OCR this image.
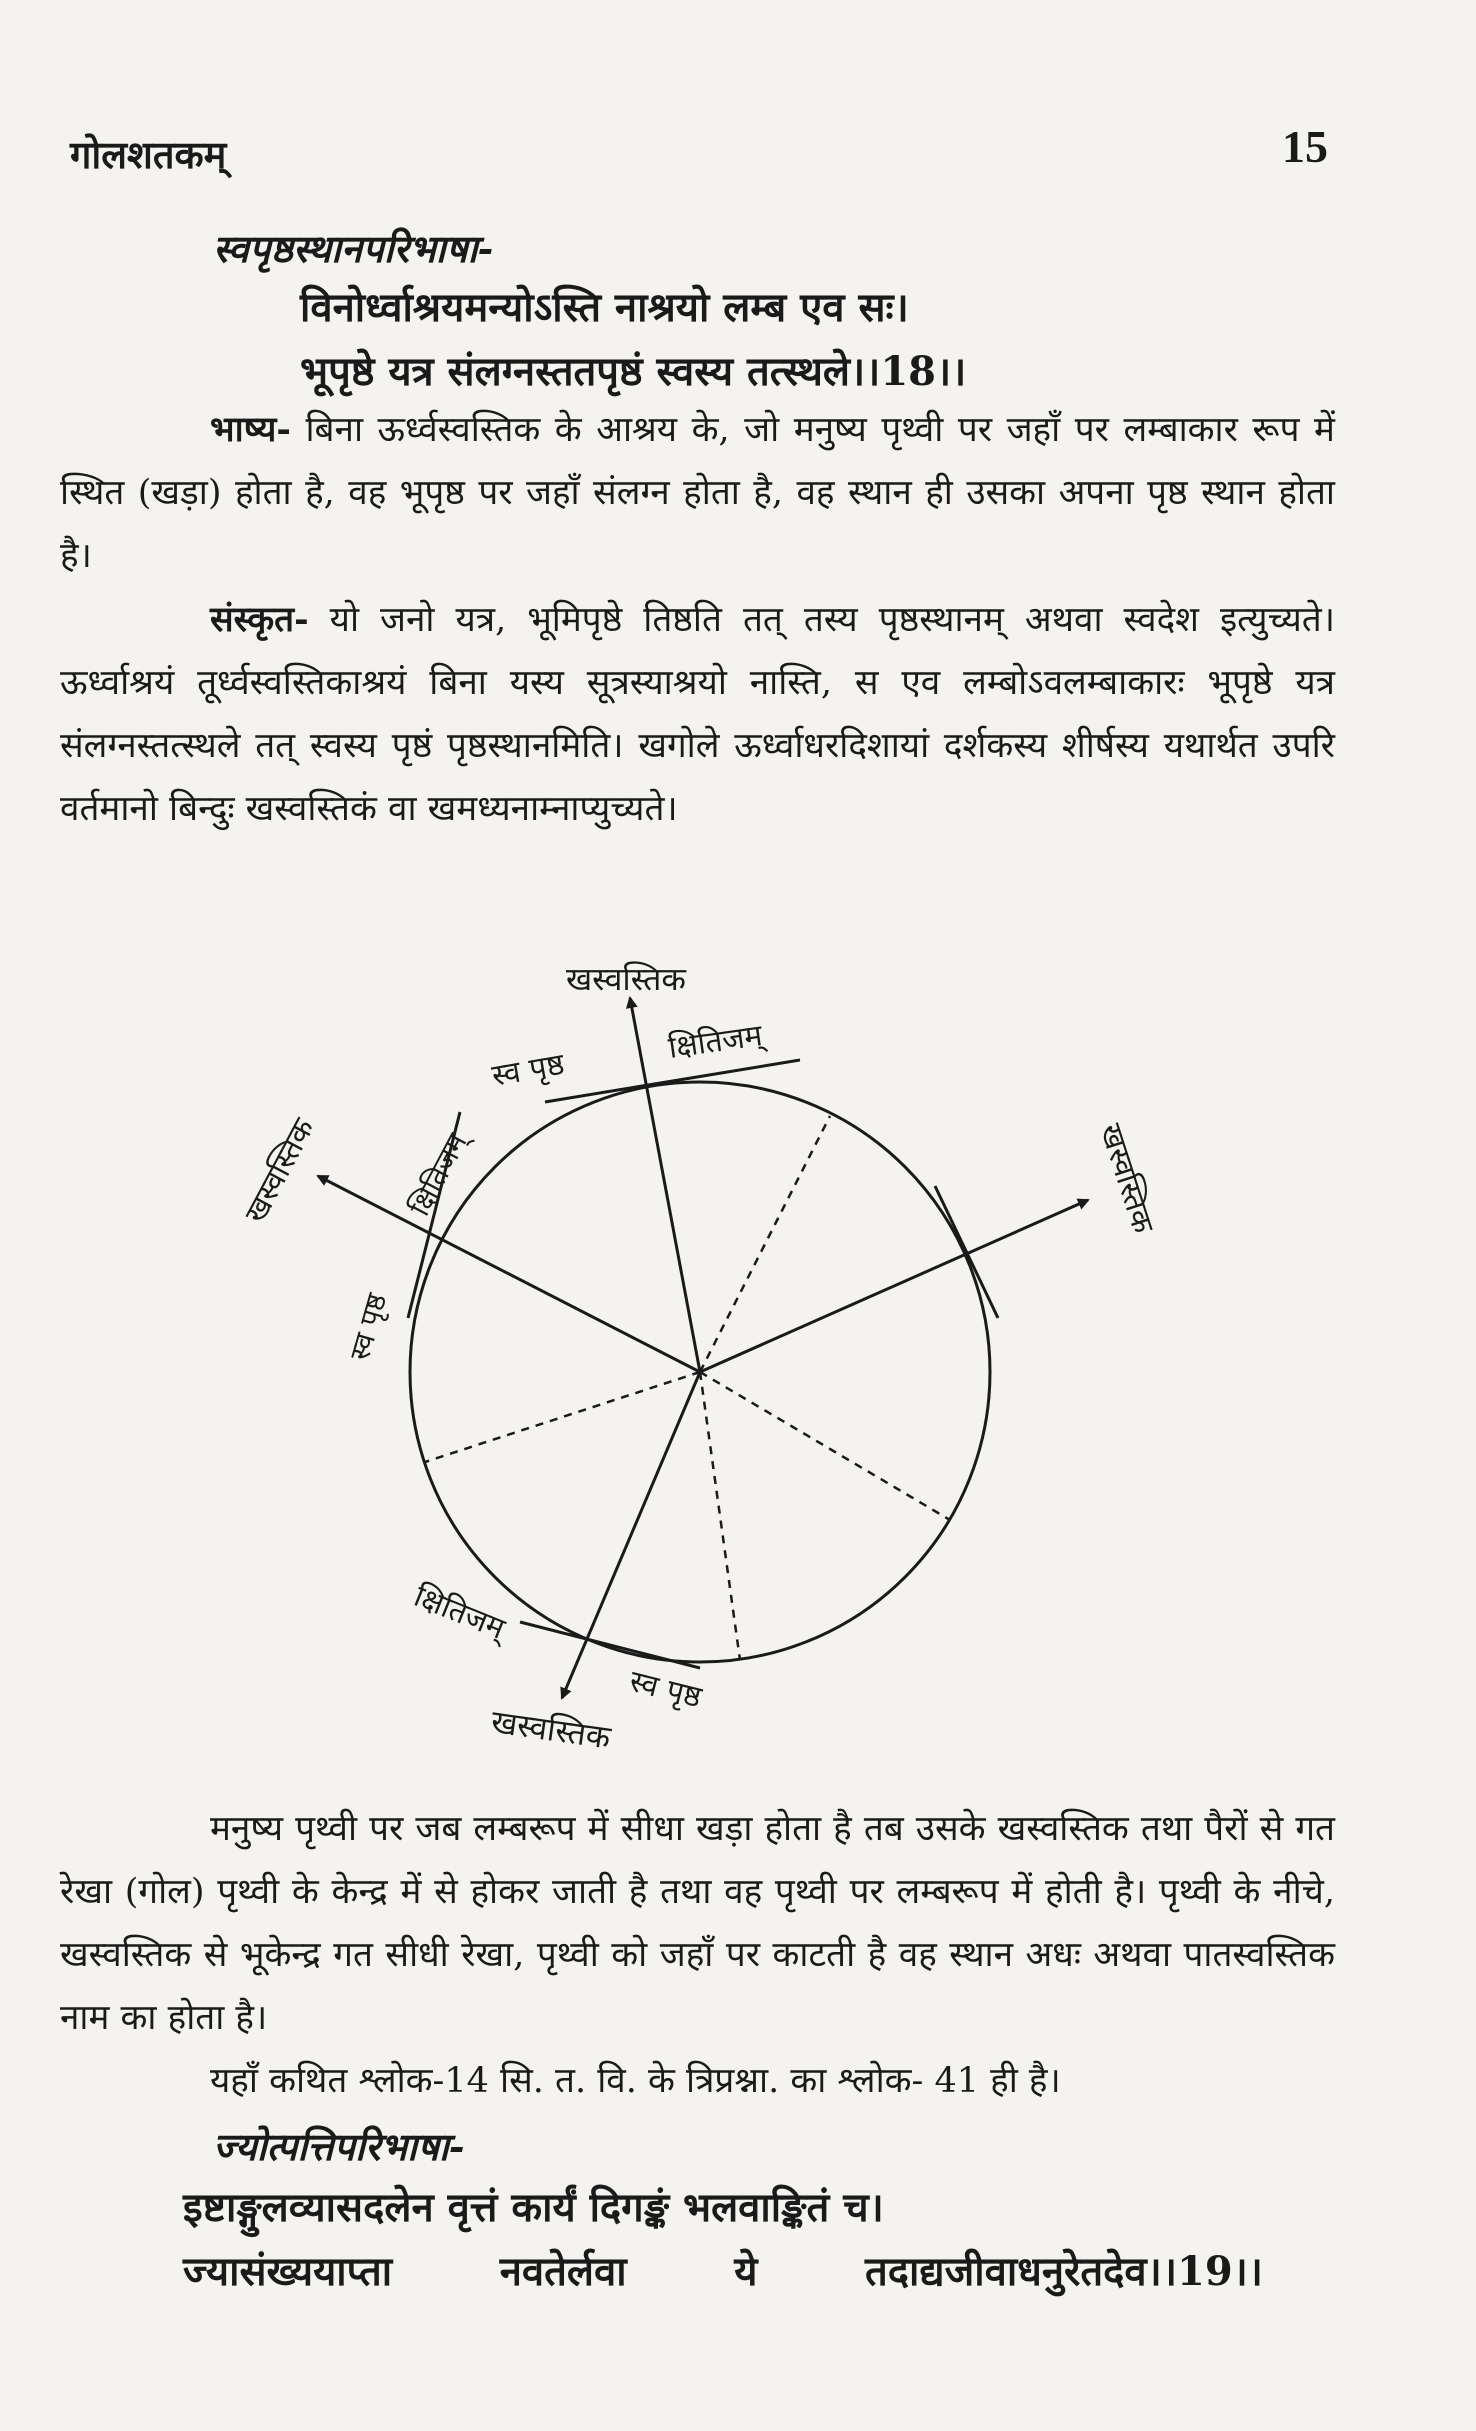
गोलशतकम्	15
स्वपृष्ठस्थानपरिभाषा-
विनोर्ध्वाश्रयमन्योऽस्ति नाश्रयो लम्ब एव सः।
भूपृष्ठे यत्र संलग्नस्ततपृष्ठं स्वस्य तत्स्थले।।18।।
भाष्य- बिना ऊर्ध्वस्वस्तिक के आश्रय के, जो मनुष्य पृथ्वी पर जहाँ पर लम्बाकार रूप में स्थित (खड़ा) होता है, वह भूपृष्ठ पर जहाँ संलग्न होता है, वह स्थान ही उसका अपना पृष्ठ स्थान होता है।
संस्कृत- यो जनो यत्र, भूमिपृष्ठे तिष्ठति तत् तस्य पृष्ठस्थानम् अथवा स्वदेश इत्युच्यते। ऊर्ध्वाश्रयं तूर्ध्वस्वस्तिकाश्रयं बिना यस्य सूत्रस्याश्रयो नास्ति, स एव लम्बोऽवलम्बाकारः भूपृष्ठे यत्र संलग्नस्तत्स्थले तत् स्वस्य पृष्ठं पृष्ठस्थानमिति। खगोले ऊर्ध्वाधरदिशायां दर्शकस्य शीर्षस्य यथार्थत उपरि वर्तमानो बिन्दुः खस्वस्तिकं वा खमध्यनाम्नाप्युच्यते।
खस्वस्तिक
क्षितिजम्
स्व पृष्ठ
खस्वस्तिक	क्षितिजम्
स्व पृष्ठ
खस्वस्तिक
क्षितिजम्
स्व पृष्ठ
खस्वस्तिक
मनुष्य पृथ्वी पर जब लम्बरूप में सीधा खड़ा होता है तब उसके खस्वस्तिक तथा पैरों से गत रेखा (गोल) पृथ्वी के केन्द्र में से होकर जाती है तथा वह पृथ्वी पर लम्बरूप में होती है। पृथ्वी के नीचे, खस्वस्तिक से भूकेन्द्र गत सीधी रेखा, पृथ्वी को जहाँ पर काटती है वह स्थान अधः अथवा पातस्वस्तिक नाम का होता है।
यहाँ कथित श्लोक-14 सि. त. वि. के त्रिप्रश्ना. का श्लोक- 41 ही है।
ज्योत्पत्तिपरिभाषा-
इष्टाङ्गुलव्यासदलेन वृत्तं कार्यं दिगङ्कं भलवाङ्कितं च।
ज्यासंख्ययाप्ता	नवतेर्लवा	ये	तदाद्यजीवाधनुरेतदेव।।19।।
